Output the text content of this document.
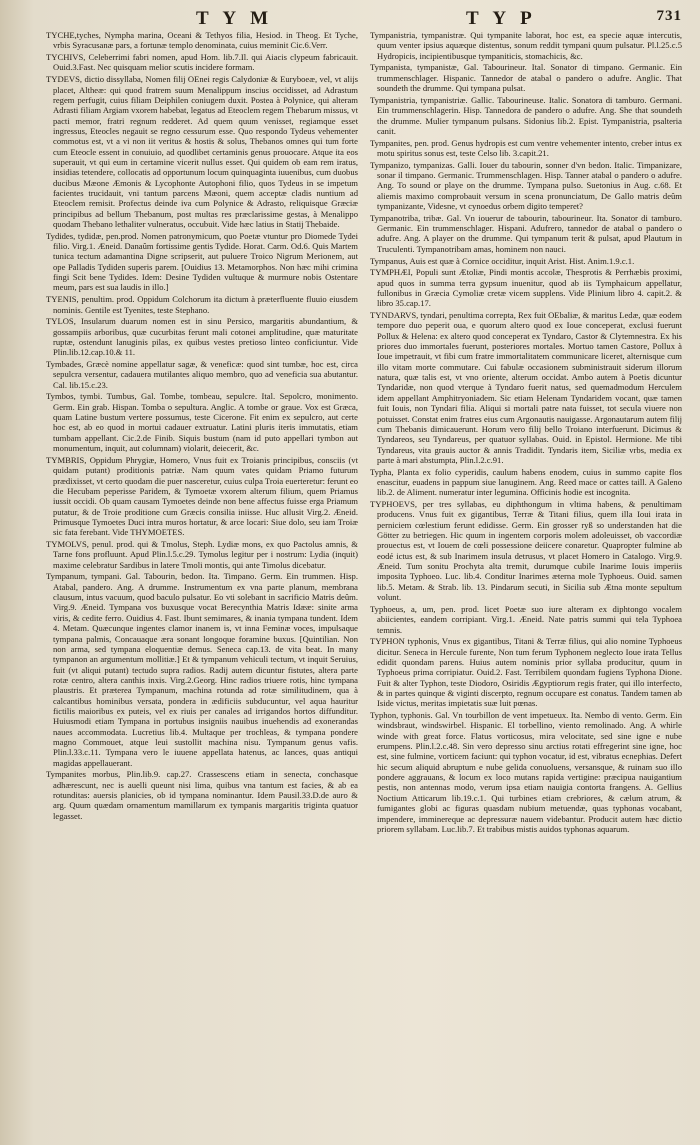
T Y M	T Y P	731

TYCHE,tyches, Nympha marina, Oceani & Tethyos filia, Hesiod. in Theog. Et Tyche, vrbis Syracusanæ pars, a fortunæ templo denominata, cuius meminit Cic.6.Verr.

TYCHIVS, Celeberrimi fabri nomen, apud Hom. lib.7.Il. qui Aiacis clypeum fabricauit. Ouid.3.Fast. Nec quisquam melior scutis incidere formam.

TYDEVS, dictio dissyllaba, Nomen filij OEnei regis Calydoniæ & Euryboeæ, vel, vt alijs placet, Altheæ: qui quod fratrem suum Menalippum inscius occidisset, ad Adrastum regem perfugit, cuius filiam Deiphilen coniugem duxit. Postea à Polynice, qui alteram Adrasti filiam Argiam vxorem habebat, legatus ad Eteoclem regem Thebarum missus, vt pacti memor, fratri regnum redderet. Ad quem quum venisset, regiamque esset ingressus, Eteocles negauit se regno cessurum esse. Quo respondo Tydeus vehementer commotus est, vt a vi non iit veritus & hostis & solus, Thebanos omnes qui tum forte cum Eteocle essent in conuiuio, ad quodlibet certaminis genus prouocare. Atque ita eos superauit, vt qui eum in certamine vicerit nullus esset. Qui quidem ob eam rem iratus, insidias tetendere, collocatis ad opportunum locum quinquaginta iuuenibus, cum duobus ducibus Mæone Æmonis & Lycophonte Autophoni filio, quos Tydeus in se impetum facientes trucidauit, vni tantum parcens Mæoni, quem acceptæ cladis nuntium ad Eteoclem remisit. Profectus deinde iva cum Polynice & Adrasto, reliquisque Græciæ principibus ad bellum Thebanum, post multas res præclarissime gestas, à Menalippo quodam Thebano lethaliter vulneratus, occubuit. Vide hæc latius in Statij Thebaide.

Tydides, tydidæ, pen.prod. Nomen patronymicum, quo Poetæ vtuntur pro Diomede Tydei filio. Virg.1. Æneid. Danaûm fortissime gentis Tydide. Horat. Carm. Od.6. Quis Martem tunica tectum adamantina Digne scripserit, aut puluere Troico Nigrum Merionem, aut ope Palladis Tydiden superis parem. [Ouidius 13. Metamorphos. Non hæc mihi crimina fingi Scit bene Tydides. Idem: Desine Tydiden vultuque & murmure nobis Ostentare meum, pars est sua laudis in illo.]

TYENIS, penultim. prod. Oppidum Colchorum ita dictum à præterfluente fluuio eiusdem nominis. Gentile est Tyenites, teste Stephano.

TYLOS, Insularum duarum nomen est in sinu Persico, margaritis abundantium, & gossampiis arboribus, quæ cucurbitas ferunt mali cotonei amplitudine, quæ maturitate ruptæ, ostendunt lanuginis pilas, ex quibus vestes pretioso linteo conficiuntur. Vide Plin.lib.12.cap.10.& 11.

Tymbades, Græcè nomine appellatur sagæ, & veneficæ: quod sint tumbæ, hoc est, circa sepulcra versentur, cadauera mutilantes aliquo membro, quo ad veneficia sua abutantur. Cal. lib.15.c.23.

Tymbos, tymbi. Tumbus, Gal. Tombe, tombeau, sepulcre. Ital. Sepolcro, monimento. Germ. Ein grab. Hispan. Tomba o sepultura. Anglic. A tombe or graue. Vox est Græca, quam Latine bustum vertere possumus, teste Cicerone. Fit enim ex sepulcro, aut certe hoc est, ab eo quod in mortui cadauer extruatur. Latini pluris iteris immutatis, etiam tumbam appellant. Cic.2.de Finib. Siquis bustum (nam id puto appellari tymbon aut monumentum, inquit, aut columnam) violarit, deiecerit, &c.

TYMBRIS, Oppidum Phrygiæ, Homero, Vnus fuit ex Troianis principibus, consciis (vt quidam putant) proditionis patriæ. Nam quum vates quidam Priamo futurum prædixisset, vt certo quodam die puer nasceretur, cuius culpa Troia euerteretur: ferunt eo die Hecubam peperisse Paridem, & Tymoetæ vxorem alterum filium, quem Priamus iussit occidi. Ob quam causam Tymoetes deinde non bene affectus fuisse erga Priamum putatur, & de Troie proditione cum Græcis consilia iniisse. Huc allusit Virg.2. Æneid. Primusque Tymoetes Duci intra muros hortatur, & arce locari: Siue dolo, seu iam Troiæ sic fata ferebant. Vide THYMOETES.

TYMOLVS, penul. prod. qui & Tmolus, Steph. Lydiæ mons, ex quo Pactolus amnis, & Tarne fons profluunt. Apud Plin.l.5.c.29. Tymolus legitur per i nostrum: Lydia (inquit) maxime celebratur Sardibus in latere Tmoli montis, qui ante Timolus dicebatur.

Tympanum, tympani. Gal. Tabourin, bedon. Ita. Timpano. Germ. Ein trummen. Hisp. Atabal, pandero. Ang. A drumme. Instrumentum ex vna parte planum, membrana clausum, intus vacuum, quod baculo pulsatur. Eo vti solebant in sacrificio Matris deûm. Virg.9. Æneid. Tympana vos buxusque vocat Berecynthia Matris Idææ: sinite arma viris, & cedite ferro. Ouidius 4. Fast. Ibunt semimares, & inania tympana tundent. Idem 4. Metam. Quæcunque ingentes clamor inanem is, vt inna Feminæ voces, impulsaque tympana palmis, Concauaque æra sonant longoque foramine buxus. [Quintilian. Non non arma, sed tympana eloquentiæ demus. Seneca cap.13. de vita beat. In many tympanon an argumentum mollitiæ.] Et & tympanum vehiculi tectum, vt inquit Seruius, fuit (vt aliqui putant) tectudo supra radios. Radij autem dicuntur fistutes, altera parte rotæ centro, altera canthis inxis. Virg.2.Georg. Hinc radios triuere rotis, hinc tympana plaustris. Et præterea Tympanum, machina rotunda ad rotæ similitudinem, qua à calcantibus hominibus versata, pondera in ædificiis subducuntur, vel aqua hauritur fictilis maioribus ex puteis, vel ex riuis per canales ad irrigandos hortos diffunditur. Huiusmodi etiam Tympana in portubus insigniis nauibus inuehendis ad exonerandas naues accommodata. Lucretius lib.4. Multaque per trochleas, & tympana pondere magno Commouet, atque leui sustollit machina nisu. Tympanum genus vafis. Plin.l.33.c.11. Tympana vero le iuuene appellata hatenus, ac lances, quas antiqui magidas appellauerant.

Tympanites morbus, Plin.lib.9. cap.27. Crassescens etiam in senecta, conchasque adhærescunt, nec is auelli queunt nisi lima, quibus vna tantum est facies, & ab ea rotunditas: auersis planicies, ob id tympana nominantur. Idem Pausil.33.D.de auro & arg. Quum quædam ornamentum mamillarum ex tympanis margaritis triginta quatuor legasset.

Tympanistria, tympanistræ. Qui tympanite laborat, hoc est, ea specie aquæ intercutis, quum venter ipsius aquæque distentus, sonum reddit tympani quum pulsatur. Pl.l.25.c.5 Hydropicis, incipientibusque tympaniticis, stomachicis, &c.

Tympanista, tympanistæ, Gal. Tabourineur. Ital. Sonator di timpano. Germanic. Ein trummenschlager. Hispanic. Tannedor de atabal o pandero o adufre. Anglic. That soundeth the drumme. Qui tympana pulsat.

Tympanistria, tympanistriæ. Gallic. Tabourineuse. Italic. Sonatora di tamburo. Germani. Ein trummenschlagerin. Hisp. Tannedora de pandero o adufre. Ang. She that soundeth the drumme. Mulier tympanum pulsans. Sidonius lib.2. Epist. Tympanistria, psalteria canit.

Tympanites, pen. prod. Genus hydropis est cum ventre vehementer intento, creber intus ex motu spiritus sonus est, teste Celso lib. 3.capit.21.

Tympanizo, tympanizas. Galli. Iouer du tabourin, sonner d'vn bedon. Italic. Timpanizare, sonar il timpano. Germanic. Trummenschlagen. Hisp. Tanner atabal o pandero o adufre. Ang. To sound or playe on the drumme. Tympana pulso. Suetonius in Aug. c.68. Et aliemis maximo comprobauit versum in scena pronunciatum, De Gallo matris deûm tympanizante, Videsne, vt cynoedus orbem digito temperet?

Tympanotriba, tribæ. Gal. Vn iouerur de tabourin, tabourineur. Ita. Sonator di tamburo. Germanic. Ein trummenschlager. Hispani. Adufrero, tannedor de atabal o pandero o adufre. Ang. A player on the drumme. Qui tympanum terit & pulsat, apud Plautum in Truculenti. Tympanotribam amas, hominem non nauci.

Tympanus, Auis est quæ à Cornice occiditur, inquit Arist. Hist. Anim.1.9.c.1.

TYMPHÆI, Populi sunt Ætoliæ, Pindi montis accolæ, Thesprotis & Perrhæbis proximi, apud quos in summa terra gypsum inuenitur, quod ab iis Tymphaicum appellatur, fullonibus in Græcia Cymoliæ cretæ vicem supplens. Vide Plinium libro 4. capit.2. & libro 35.cap.17.

TYNDARVS, tyndari, penultima correpta, Rex fuit OEbaliæ, & maritus Ledæ, quæ eodem tempore duo peperit oua, e quorum altero quod ex Ioue conceperat, exclusi fuerunt Pollux & Helena: ex altero quod conceperat ex Tyndaro, Castor & Clytemnestra. Ex his priores duo immortales fuerunt, posteriores mortales. Mortuo tamen Castore, Pollux à Ioue impetrauit, vt fibi cum fratre immortalitatem communicare liceret, alternisque cum illo vitam morte commutare. Cui fabulæ occasionem subministrauit siderum illorum natura, quæ talis est, vt vno oriente, alterum occidat. Ambo autem à Poetis dicuntur Tyndaridæ, non quod vterque à Tyndaro fuerit natus, sed quemadmodum Herculem idem appellant Amphitryoniadem. Sic etiam Helenam Tyndaridem vocant, quæ tamen fuit Iouis, non Tyndari filia. Aliqui si mortali patre nata fuisset, tot secula viuere non potuisset. Constat enim fratres eius cum Argonautis nauigasse. Argonautarum autem filij cum Thebanis dimicauerunt. Horum vero filij bello Troiano interfuerunt. Dicimus & Tyndareos, seu Tyndareus, per quatuor syllabas. Ouid. in Epistol. Hermione. Me tibi Tyndareus, vita grauis auctor & annis Tradidit. Tyndaris item, Siciliæ vrbs, media ex parte à mari abstumpta, Plin.l.2.c.91.

Typha, Planta ex folio cyperidis, caulum habens enodem, cuius in summo capite flos enascitur, euadens in pappum siue lanuginem. Ang. Reed mace or cattes taill. A Galeno lib.2. de Aliment. numeratur inter legumina. Officinis hodie est incognita.

TYPHOEVS, per tres syllabas, eu diphthongum in vltima habens, & penultimam producens. Vnus fuit ex gigantibus, Terræ & Titani filius, quem illa Ioui irata in perniciem cœlestium ferunt edidisse. Germ. Ein grosser ryß so understanden hat die Götter zu betriegen. Hic quum in ingentem corporis molem adoleuisset, ob vaccordiæ prouectus est, vt Iouem de cœli possessione deiicere conaretur. Quapropter fulmine ab eodé ictus est, & sub Inarimem insula detrusus, vt placet Homero in Catalogo. Virg.9. Æneid. Tum sonitu Prochyta alta tremit, durumque cubile Inarime Iouis imperiis imposita Typhoeo. Luc. lib.4. Conditur Inarimes æterna mole Typhoeus. Ouid. samen lib.5. Metam. & Strab. lib. 13. Pindarum secuti, in Sicilia sub Ætna monte sepultum volunt.

Typhoeus, a, um, pen. prod. licet Poetæ suo iure alteram ex diphtongo vocalem abiicientes, eandem corripiant. Virg.1. Æneid. Nate patris summi qui tela Typhoea temnis.

TYPHON typhonis, Vnus ex gigantibus, Titani & Terræ filius, qui alio nomine Typhoeus dicitur. Seneca in Hercule furente, Non tum ferum Typhonem neglecto Ioue irata Tellus edidit quondam parens. Huius autem nominis prior syllaba producitur, quum in Typhoeus prima corripiatur. Ouid.2. Fast. Terribilem quondam fugiens Typhona Dione. Fuit & alter Typhon, teste Diodoro, Osiridis Ægyptiorum regis frater, qui illo interfecto, & in partes quinque & viginti discerpto, regnum occupare est conatus. Tandem tamen ab Iside victus, meritas impietatis suæ luit pœnas.

Typhon, typhonis. Gal. Vn tourbillon de vent impetueux. Ita. Nembo di vento. Germ. Ein windsbraut, windswirbel. Hispanic. El torbellino, viento remolinado. Ang. A whirle winde with great force. Flatus vorticosus, mira velocitate, sed sine igne e nube erumpens. Plin.l.2.c.48. Sin vero depresso sinu arctius rotati effregerint sine igne, hoc est, sine fulmine, vorticem faciunt: qui typhon vocatur, id est, vibratus ecnephias. Defert hic secum aliquid abruptum e nube gelida conuoluens, versansque, & ruinam suo illo pondere aggrauans, & locum ex loco mutans rapida vertigine: præcipua nauigantium pestis, non antennas modo, verum ipsa etiam nauigia contorta frangens. A. Gellius Noctium Atticarum lib.19.c.1. Qui turbines etiam crebriores, & cælum atrum, & fumigantes globi ac figuras quasdam nubium metuendæ, quas typhonas vocabant, impendere, imminereque ac depressuræ nauem videbantur. Producit autem hæc dictio priorem syllabam. Luc.lib.7. Et trabibus mistis auidos typhonas aquarum.
